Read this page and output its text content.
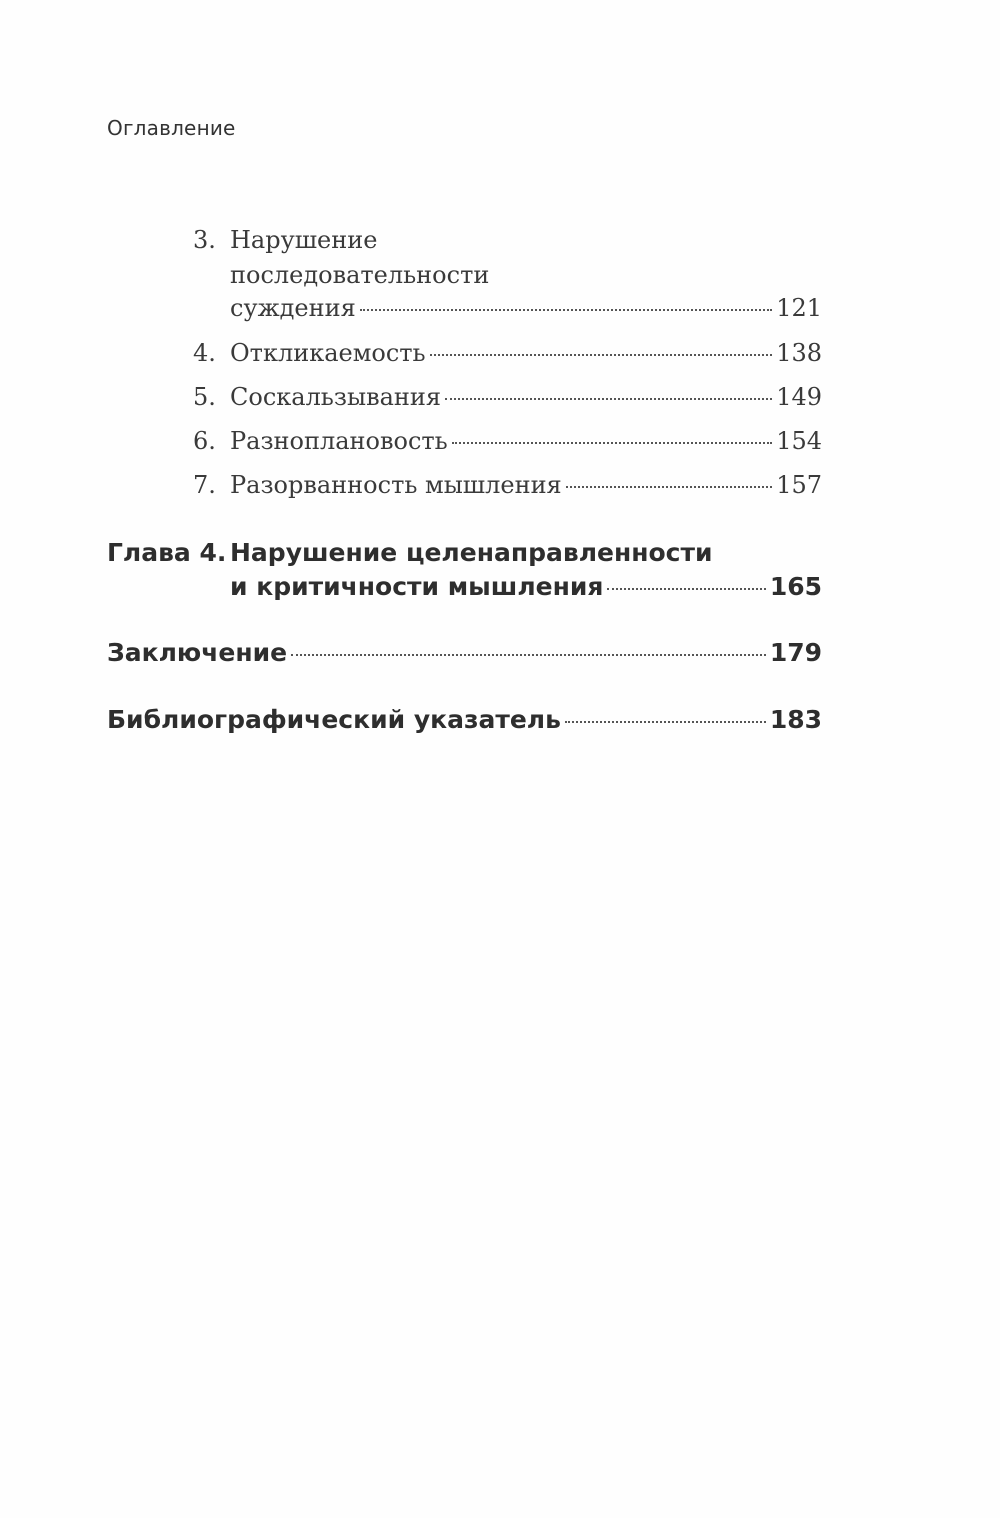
Оглавление
3. Нарушение
последовательности
суждения	121
4. Откликаемость	138
5. Соскальзывания	149
6. Разноплановость	154
7. Разорванность мышления	157
Глава 4. Нарушение целенаправленности
и критичности мышления	165
Заключение	179
Библиографический указатель	183
